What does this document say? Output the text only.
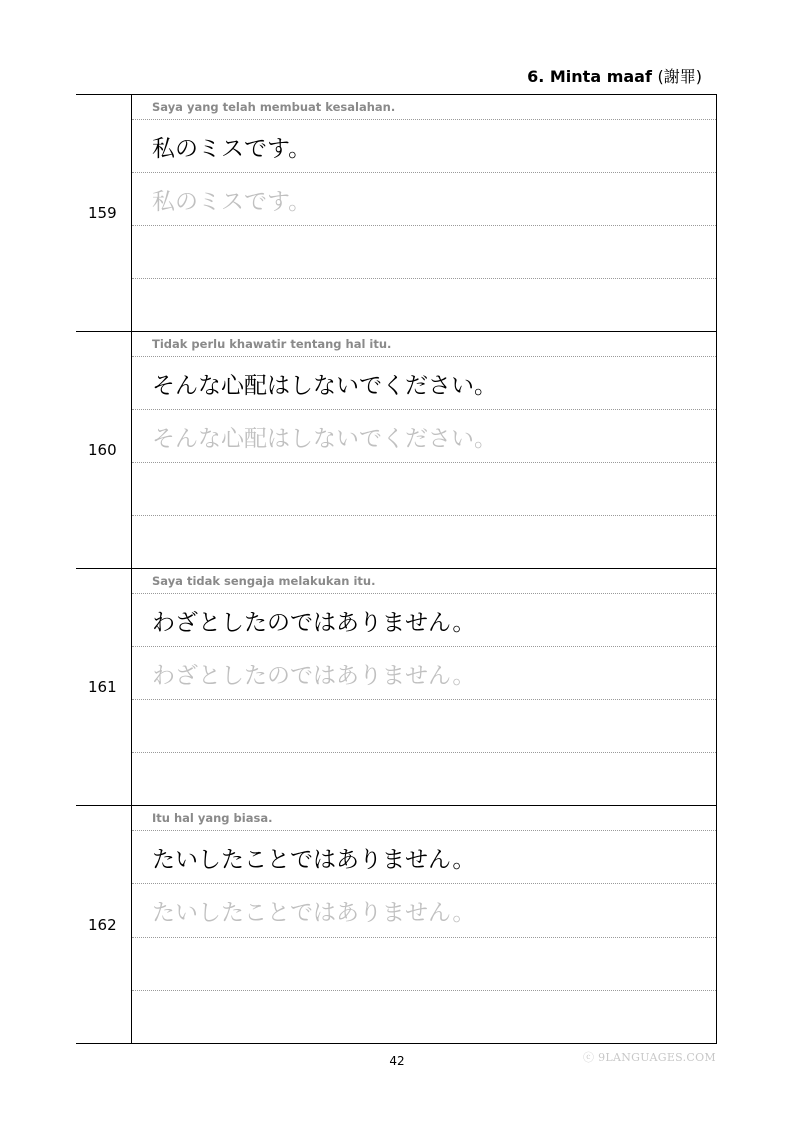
6. Minta maaf (謝罪)
159
Saya yang telah membuat kesalahan.
私のミスです。
私のミスです。
160
Tidak perlu khawatir tentang hal itu.
そんな心配はしないでください。
そんな心配はしないでください。
161
Saya tidak sengaja melakukan itu.
わざとしたのではありません。
わざとしたのではありません。
162
Itu hal yang biasa.
たいしたことではありません。
たいしたことではありません。
42	ⓒ 9LANGUAGES.COM
